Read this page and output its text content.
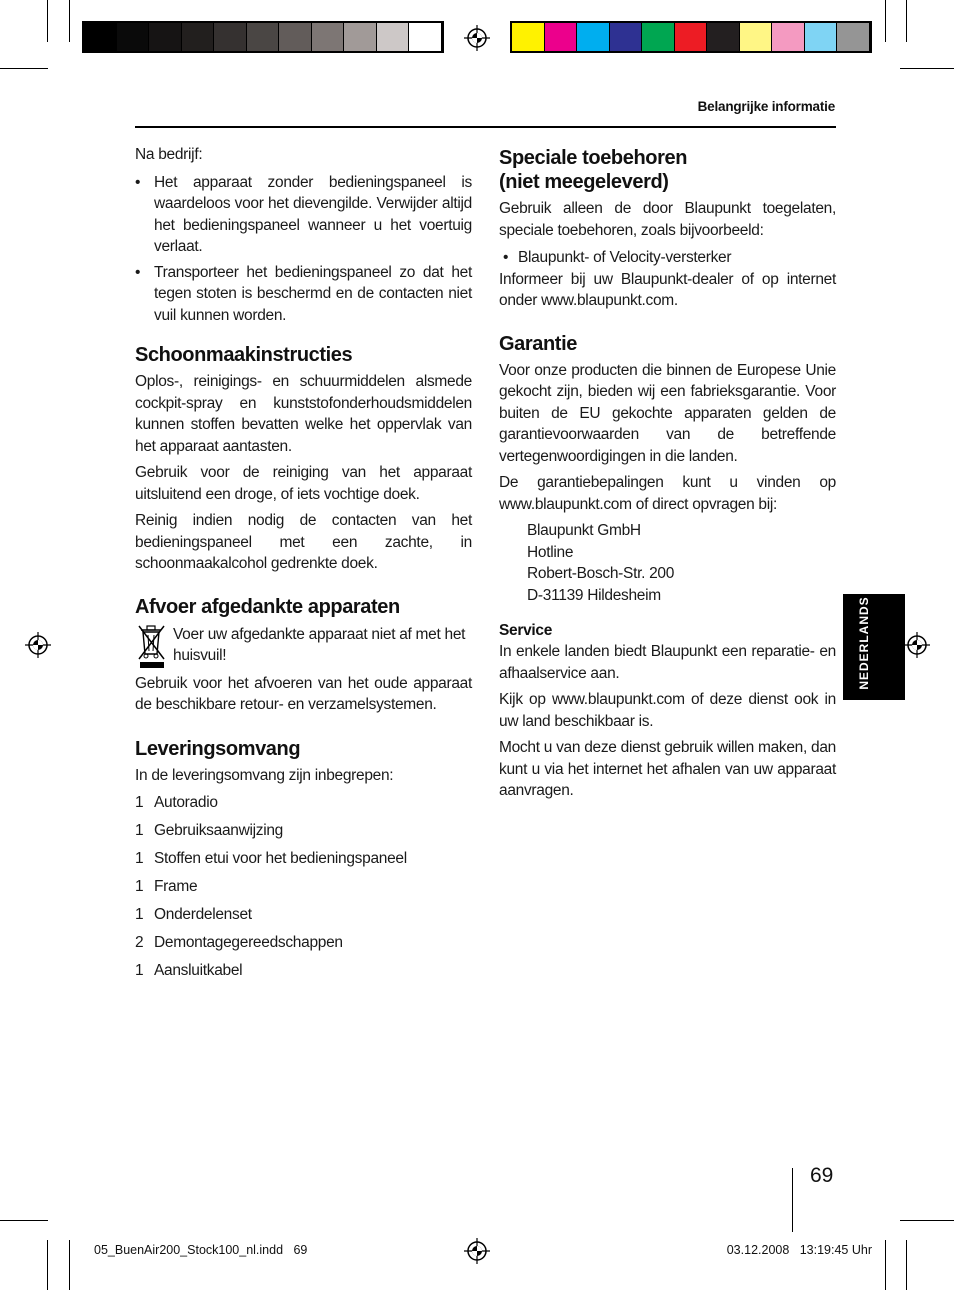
Belangrijke informatie
NEDERLANDS
Na bedrijf:
• Het apparaat zonder bedieningspaneel is waardeloos voor het dievengilde. Verwijder altijd het bedieningspaneel wanneer u het voertuig verlaat.
• Transporteer het bedieningspaneel zo dat het tegen stoten is beschermd en de contacten niet vuil kunnen worden.
Schoonmaakinstructies
Oplos-, reinigings- en schuurmiddelen alsmede cockpit-spray en kunststofonderhoudsmiddelen kunnen stoffen bevatten welke het oppervlak van het apparaat aantasten.
Gebruik voor de reiniging van het apparaat uitsluitend een droge, of iets vochtige doek.
Reinig indien nodig de contacten van het bedieningspaneel met een zachte, in schoonmaakalcohol gedrenkte doek.
Afvoer afgedankte apparaten
Voer uw afgedankte apparaat niet af met het huisvuil!
Gebruik voor het afvoeren van het oude apparaat de beschikbare retour- en verzamelsystemen.
Leveringsomvang
In de leveringsomvang zijn inbegrepen:
1 Autoradio
1 Gebruiksaanwijzing
1 Stoffen etui voor het bedieningspaneel
1 Frame
1 Onderdelenset
2 Demontagegereedschappen
1 Aansluitkabel
Speciale toebehoren
(niet meegeleverd)
Gebruik alleen de door Blaupunkt toegelaten, speciale toebehoren, zoals bijvoorbeeld:
• Blaupunkt- of Velocity-versterker
Informeer bij uw Blaupunkt-dealer of op internet onder www.blaupunkt.com.
Garantie
Voor onze producten die binnen de Europese Unie gekocht zijn, bieden wij een fabrieksgarantie. Voor buiten de EU gekochte apparaten gelden de garantievoorwaarden van de betreffende vertegenwoordigingen in die landen.
De garantiebepalingen kunt u vinden op www.blaupunkt.com of direct opvragen bij:
Blaupunkt GmbH
Hotline
Robert-Bosch-Str. 200
D-31139 Hildesheim
Service
In enkele landen biedt Blaupunkt een reparatie- en afhaalservice aan.
Kijk op www.blaupunkt.com of deze dienst ook in uw land beschikbaar is.
Mocht u van deze dienst gebruik willen maken, dan kunt u via het internet het afhalen van uw apparaat aanvragen.
69
05_BuenAir200_Stock100_nl.indd   69	03.12.2008   13:19:45 Uhr
